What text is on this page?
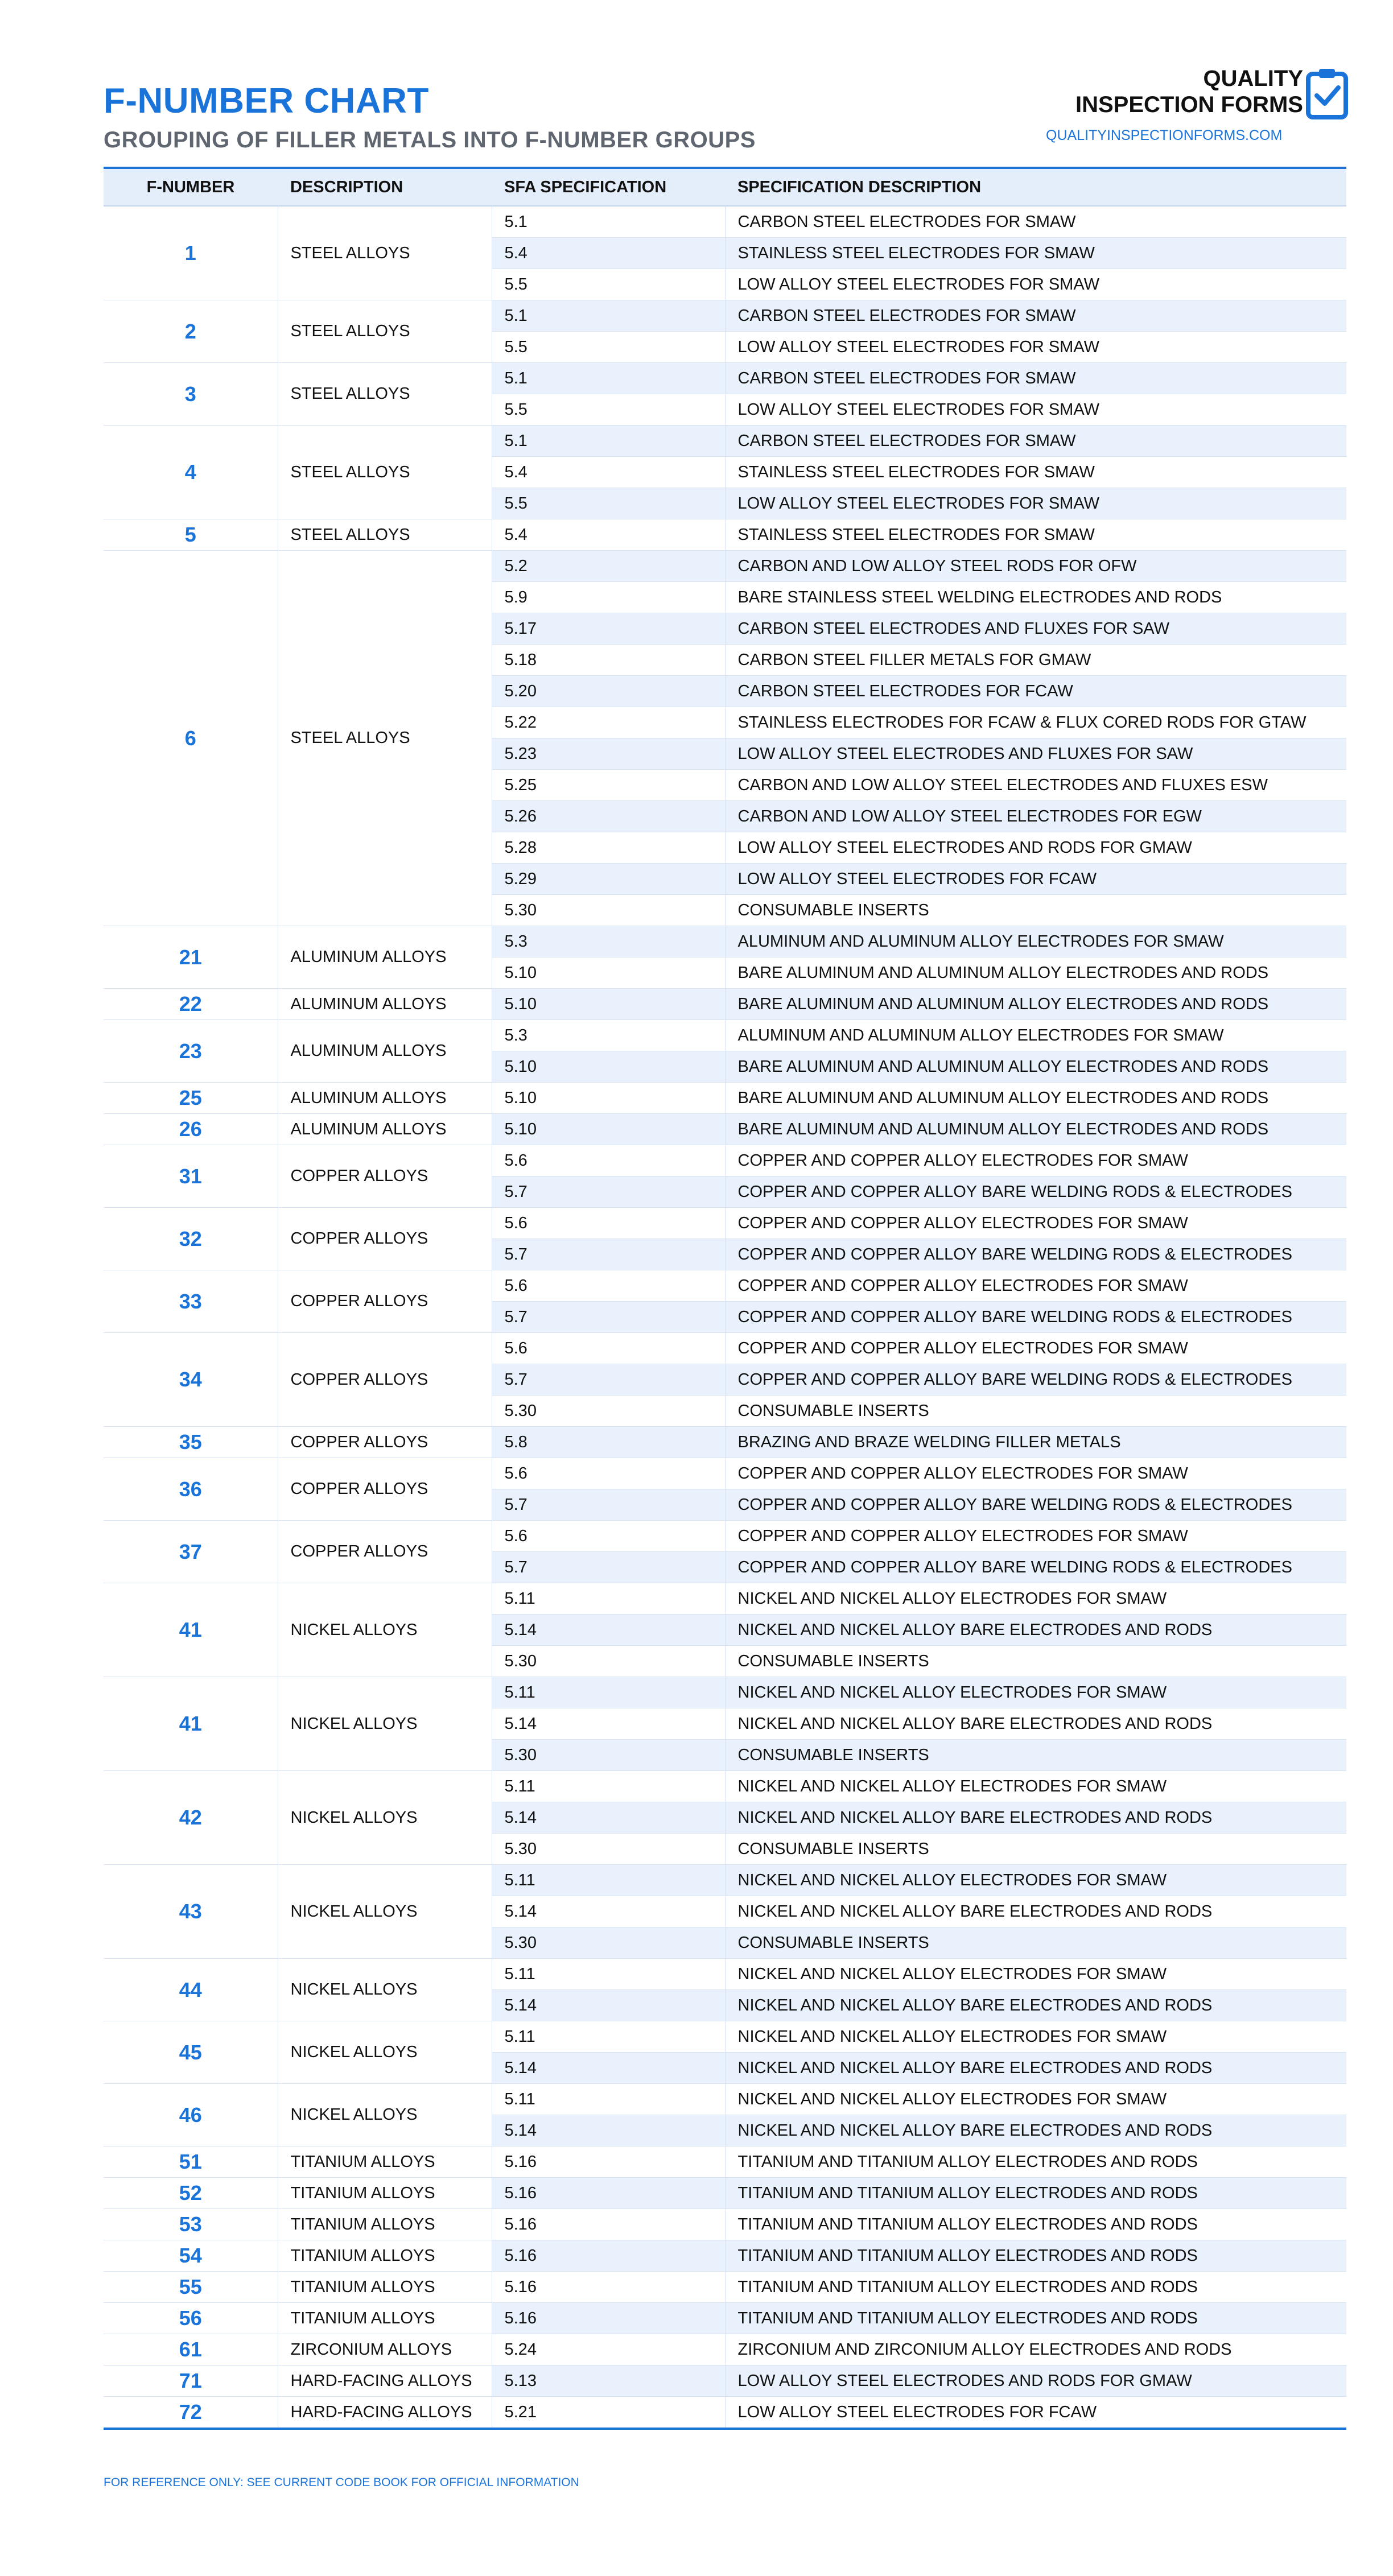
F-NUMBER CHART
GROUPING OF FILLER METALS INTO F-NUMBER GROUPS
QUALITY
INSPECTION FORMS
QUALITYINSPECTIONFORMS.COM
F-NUMBER	DESCRIPTION	SFA SPECIFICATION	SPECIFICATION DESCRIPTION
1	STEEL ALLOYS	5.1	CARBON STEEL ELECTRODES FOR SMAW
		5.4	STAINLESS STEEL ELECTRODES FOR SMAW
		5.5	LOW ALLOY STEEL ELECTRODES FOR SMAW
2	STEEL ALLOYS	5.1	CARBON STEEL ELECTRODES FOR SMAW
		5.5	LOW ALLOY STEEL ELECTRODES FOR SMAW
3	STEEL ALLOYS	5.1	CARBON STEEL ELECTRODES FOR SMAW
		5.5	LOW ALLOY STEEL ELECTRODES FOR SMAW
4	STEEL ALLOYS	5.1	CARBON STEEL ELECTRODES FOR SMAW
		5.4	STAINLESS STEEL ELECTRODES FOR SMAW
		5.5	LOW ALLOY STEEL ELECTRODES FOR SMAW
5	STEEL ALLOYS	5.4	STAINLESS STEEL ELECTRODES FOR SMAW
6	STEEL ALLOYS	5.2	CARBON AND LOW ALLOY STEEL RODS FOR OFW
		5.9	BARE STAINLESS STEEL WELDING ELECTRODES AND RODS
		5.17	CARBON STEEL ELECTRODES AND FLUXES FOR SAW
		5.18	CARBON STEEL FILLER METALS FOR GMAW
		5.20	CARBON STEEL ELECTRODES FOR FCAW
		5.22	STAINLESS ELECTRODES FOR FCAW & FLUX CORED RODS FOR GTAW
		5.23	LOW ALLOY STEEL ELECTRODES AND FLUXES FOR SAW
		5.25	CARBON AND LOW ALLOY STEEL ELECTRODES AND FLUXES ESW
		5.26	CARBON AND LOW ALLOY STEEL ELECTRODES FOR EGW
		5.28	LOW ALLOY STEEL ELECTRODES AND RODS FOR GMAW
		5.29	LOW ALLOY STEEL ELECTRODES FOR FCAW
		5.30	CONSUMABLE INSERTS
21	ALUMINUM ALLOYS	5.3	ALUMINUM AND ALUMINUM ALLOY ELECTRODES FOR SMAW
		5.10	BARE ALUMINUM AND ALUMINUM ALLOY ELECTRODES AND RODS
22	ALUMINUM ALLOYS	5.10	BARE ALUMINUM AND ALUMINUM ALLOY ELECTRODES AND RODS
23	ALUMINUM ALLOYS	5.3	ALUMINUM AND ALUMINUM ALLOY ELECTRODES FOR SMAW
		5.10	BARE ALUMINUM AND ALUMINUM ALLOY ELECTRODES AND RODS
25	ALUMINUM ALLOYS	5.10	BARE ALUMINUM AND ALUMINUM ALLOY ELECTRODES AND RODS
26	ALUMINUM ALLOYS	5.10	BARE ALUMINUM AND ALUMINUM ALLOY ELECTRODES AND RODS
31	COPPER ALLOYS	5.6	COPPER AND COPPER ALLOY ELECTRODES FOR SMAW
		5.7	COPPER AND COPPER ALLOY BARE WELDING RODS & ELECTRODES
32	COPPER ALLOYS	5.6	COPPER AND COPPER ALLOY ELECTRODES FOR SMAW
		5.7	COPPER AND COPPER ALLOY BARE WELDING RODS & ELECTRODES
33	COPPER ALLOYS	5.6	COPPER AND COPPER ALLOY ELECTRODES FOR SMAW
		5.7	COPPER AND COPPER ALLOY BARE WELDING RODS & ELECTRODES
34	COPPER ALLOYS	5.6	COPPER AND COPPER ALLOY ELECTRODES FOR SMAW
		5.7	COPPER AND COPPER ALLOY BARE WELDING RODS & ELECTRODES
		5.30	CONSUMABLE INSERTS
35	COPPER ALLOYS	5.8	BRAZING AND BRAZE WELDING FILLER METALS
36	COPPER ALLOYS	5.6	COPPER AND COPPER ALLOY ELECTRODES FOR SMAW
		5.7	COPPER AND COPPER ALLOY BARE WELDING RODS & ELECTRODES
37	COPPER ALLOYS	5.6	COPPER AND COPPER ALLOY ELECTRODES FOR SMAW
		5.7	COPPER AND COPPER ALLOY BARE WELDING RODS & ELECTRODES
41	NICKEL ALLOYS	5.11	NICKEL AND NICKEL ALLOY ELECTRODES FOR SMAW
		5.14	NICKEL AND NICKEL ALLOY BARE ELECTRODES AND RODS
		5.30	CONSUMABLE INSERTS
41	NICKEL ALLOYS	5.11	NICKEL AND NICKEL ALLOY ELECTRODES FOR SMAW
		5.14	NICKEL AND NICKEL ALLOY BARE ELECTRODES AND RODS
		5.30	CONSUMABLE INSERTS
42	NICKEL ALLOYS	5.11	NICKEL AND NICKEL ALLOY ELECTRODES FOR SMAW
		5.14	NICKEL AND NICKEL ALLOY BARE ELECTRODES AND RODS
		5.30	CONSUMABLE INSERTS
43	NICKEL ALLOYS	5.11	NICKEL AND NICKEL ALLOY ELECTRODES FOR SMAW
		5.14	NICKEL AND NICKEL ALLOY BARE ELECTRODES AND RODS
		5.30	CONSUMABLE INSERTS
44	NICKEL ALLOYS	5.11	NICKEL AND NICKEL ALLOY ELECTRODES FOR SMAW
		5.14	NICKEL AND NICKEL ALLOY BARE ELECTRODES AND RODS
45	NICKEL ALLOYS	5.11	NICKEL AND NICKEL ALLOY ELECTRODES FOR SMAW
		5.14	NICKEL AND NICKEL ALLOY BARE ELECTRODES AND RODS
46	NICKEL ALLOYS	5.11	NICKEL AND NICKEL ALLOY ELECTRODES FOR SMAW
		5.14	NICKEL AND NICKEL ALLOY BARE ELECTRODES AND RODS
51	TITANIUM ALLOYS	5.16	TITANIUM AND TITANIUM ALLOY ELECTRODES AND RODS
52	TITANIUM ALLOYS	5.16	TITANIUM AND TITANIUM ALLOY ELECTRODES AND RODS
53	TITANIUM ALLOYS	5.16	TITANIUM AND TITANIUM ALLOY ELECTRODES AND RODS
54	TITANIUM ALLOYS	5.16	TITANIUM AND TITANIUM ALLOY ELECTRODES AND RODS
55	TITANIUM ALLOYS	5.16	TITANIUM AND TITANIUM ALLOY ELECTRODES AND RODS
56	TITANIUM ALLOYS	5.16	TITANIUM AND TITANIUM ALLOY ELECTRODES AND RODS
61	ZIRCONIUM ALLOYS	5.24	ZIRCONIUM AND ZIRCONIUM ALLOY ELECTRODES AND RODS
71	HARD-FACING ALLOYS	5.13	LOW ALLOY STEEL ELECTRODES AND RODS FOR GMAW
72	HARD-FACING ALLOYS	5.21	LOW ALLOY STEEL ELECTRODES FOR FCAW
FOR REFERENCE ONLY: SEE CURRENT CODE BOOK FOR OFFICIAL INFORMATION
